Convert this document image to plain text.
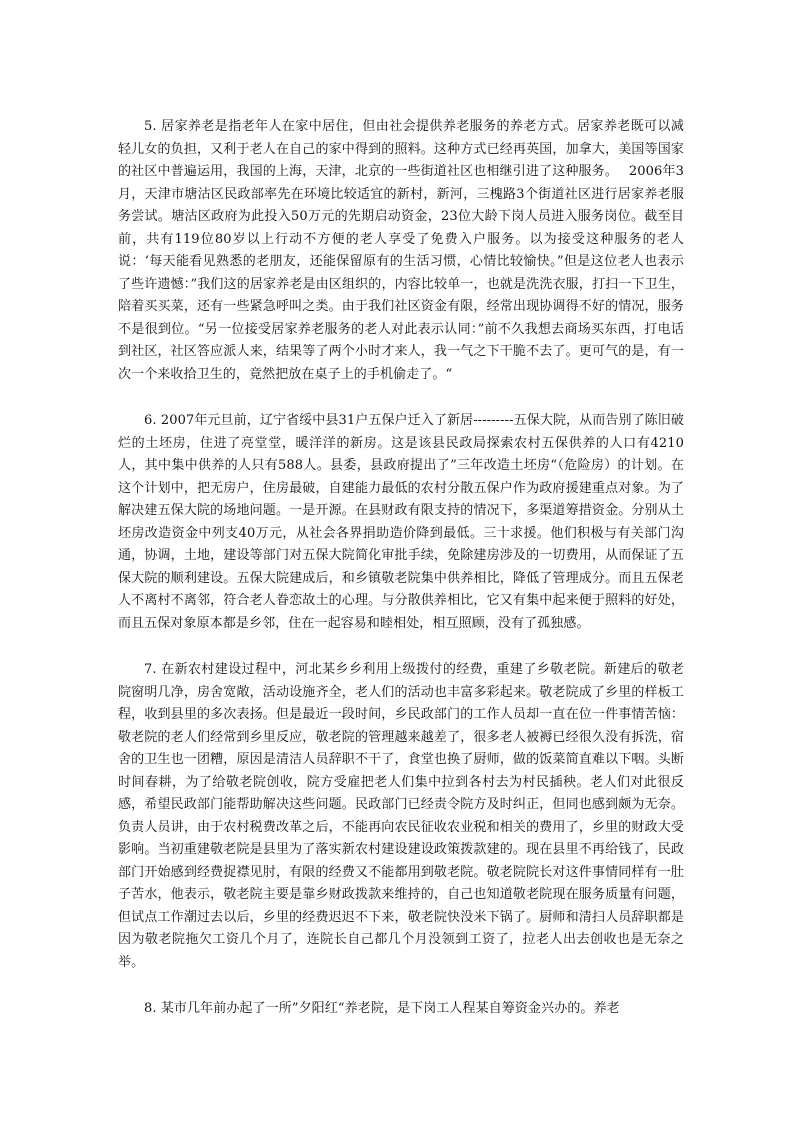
5. 居家养老是指老年人在家中居住，但由社会提供养老服务的养老方式。居家养老既可以减轻儿女的负担，又利于老人在自己的家中得到的照料。这种方式已经再英国，加拿大，美国等国家的社区中普遍运用，我国的上海，天津，北京的一些街道社区也相继引进了这种服务。　 2006年3月，天津市塘沽区民政部率先在环境比较适宜的新村，新河，三槐路3个街道社区进行居家养老服务尝试。塘沽区政府为此投入50万元的先期启动资金，23位大龄下岗人员进入服务岗位。截至目前，共有119位80岁以上行动不方便的老人享受了免费入户服务。以为接受这种服务的老人说：‘每天能看见熟悉的老朋友，还能保留原有的生活习惯，心情比较愉快。”但是这位老人也表示了些许遗憾：”我们这的居家养老是由区组织的，内容比较单一，也就是洗洗衣服，打扫一下卫生，陪着买买菜，还有一些紧急呼叫之类。由于我们社区资金有限，经常出现协调得不好的情况，服务不是很到位。“另一位接受居家养老服务的老人对此表示认同：”前不久我想去商场买东西，打电话到社区，社区答应派人来，结果等了两个小时才来人，我一气之下干脆不去了。更可气的是，有一次一个来收拾卫生的，竟然把放在桌子上的手机偷走了。“

6. 2007年元旦前，辽宁省绥中县31户五保户迁入了新居---------五保大院，从而告别了陈旧破烂的土坯房，住进了亮堂堂，暖洋洋的新房。这是该县民政局探索农村五保供养的人口有4210人，其中集中供养的人只有588人。县委，县政府提出了”三年改造土坯房“（危险房）的计划。在这个计划中，把无房户，住房最破，自建能力最低的农村分散五保户作为政府援建重点对象。为了解决建五保大院的场地问题。一是开源。在县财政有限支持的情况下，多渠道筹措资金。分别从土坯房改造资金中列支40万元，从社会各界捐助造价降到最低。三十求援。他们积极与有关部门沟通，协调，土地，建设等部门对五保大院简化审批手续，免除建房涉及的一切费用，从而保证了五保大院的顺利建设。五保大院建成后，和乡镇敬老院集中供养相比，降低了管理成分。而且五保老人不离村不离邻，符合老人眷恋故土的心理。与分散供养相比，它又有集中起来便于照料的好处，而且五保对象原本都是乡邻，住在一起容易和睦相处，相互照顾，没有了孤独感。

7. 在新农村建设过程中，河北某乡乡利用上级拨付的经费，重建了乡敬老院。新建后的敬老院窗明几净，房舍宽敞，活动设施齐全，老人们的活动也丰富多彩起来。敬老院成了乡里的样板工程，收到县里的多次表扬。但是最近一段时间，乡民政部门的工作人员却一直在位一件事情苦恼：敬老院的老人们经常到乡里反应，敬老院的管理越来越差了，很多老人被褥已经很久没有拆洗，宿舍的卫生也一团糟，原因是清洁人员辞职不干了，食堂也换了厨师，做的饭菜简直难以下咽。头断时间春耕，为了给敬老院创收，院方受雇把老人们集中拉到各村去为村民插秧。老人们对此很反感，希望民政部门能帮助解决这些问题。民政部门已经责令院方及时纠正，但同也感到颇为无奈。负责人员讲，由于农村税费改革之后，不能再向农民征收农业税和相关的费用了，乡里的财政大受影响。当初重建敬老院是县里为了落实新农村建设建设政策拨款建的。现在县里不再给钱了，民政部门开始感到经费捉襟见肘，有限的经费又不能都用到敬老院。敬老院院长对这件事情同样有一肚子苦水，他表示，敬老院主要是靠乡财政拨款来维持的，自己也知道敬老院现在服务质量有问题，但试点工作潮过去以后，乡里的经费迟迟不下来，敬老院快没米下锅了。厨师和清扫人员辞职都是因为敬老院拖欠工资几个月了，连院长自己都几个月没领到工资了，拉老人出去创收也是无奈之举。

8. 某市几年前办起了一所”夕阳红“养老院，是下岗工人程某自筹资金兴办的。养老
